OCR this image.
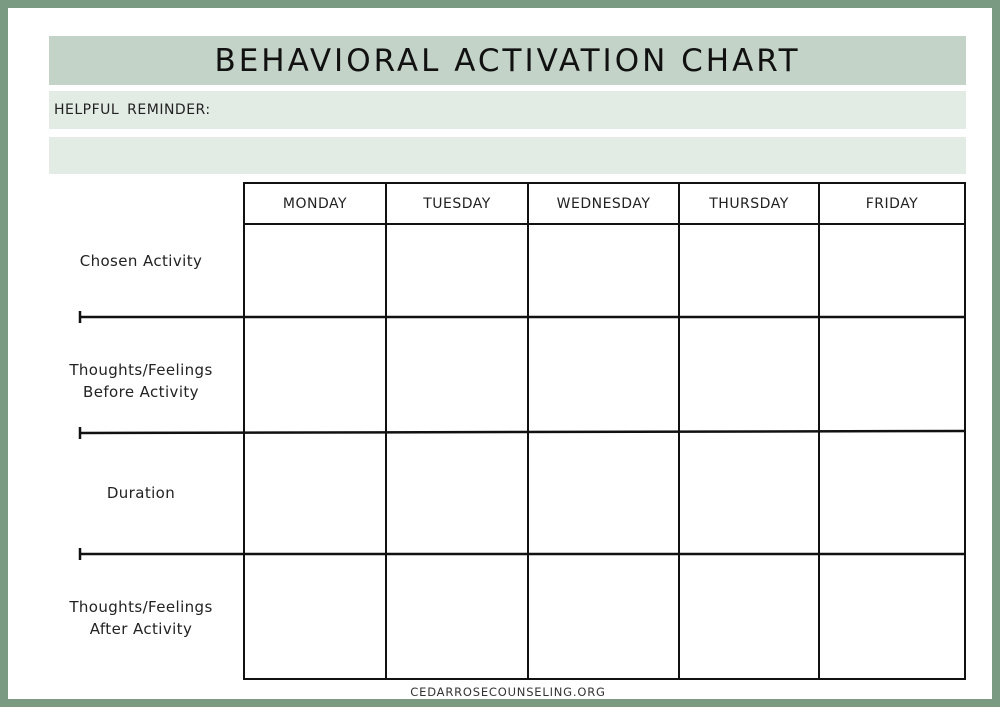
BEHAVIORAL ACTIVATION CHART
HELPFUL REMINDER:
MONDAY	TUESDAY	WEDNESDAY	THURSDAY	FRIDAY
Chosen Activity
Thoughts/Feelings
Before Activity
Duration
Thoughts/Feelings
After Activity
CEDARROSECOUNSELING.ORG
